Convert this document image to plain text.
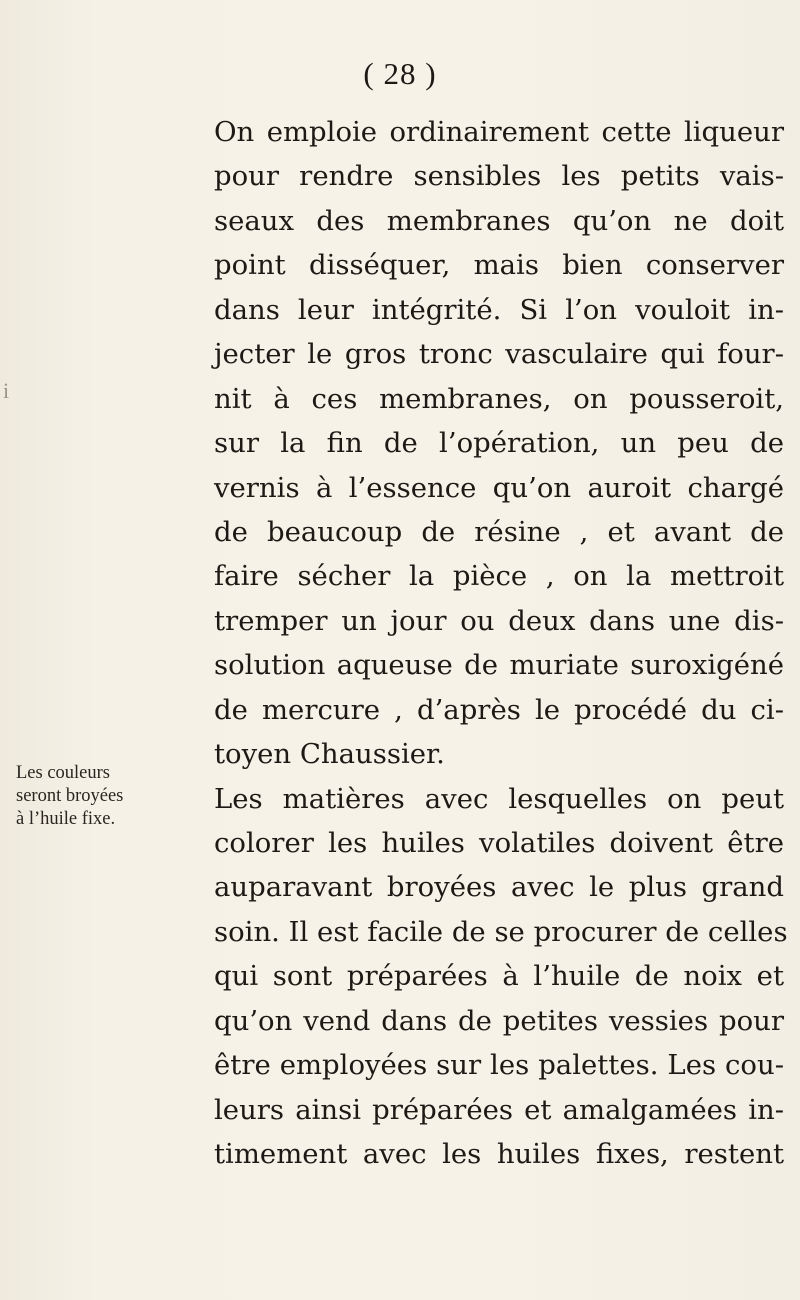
( 28 )
i
On emploie ordinairement cette liqueur
pour rendre sensibles les petits vais-
seaux des membranes qu’on ne doit
point disséquer, mais bien conserver
dans leur intégrité. Si l’on vouloit in-
jecter le gros tronc vasculaire qui four-
nit à ces membranes, on pousseroit,
sur la fin de l’opération, un peu de
vernis à l’essence qu’on auroit chargé
de beaucoup de résine , et avant de
faire sécher la pièce , on la mettroit
tremper un jour ou deux dans une dis-
solution aqueuse de muriate suroxigéné
de mercure , d’après le procédé du ci-
toyen Chaussier.
Les matières avec lesquelles on peut
colorer les huiles volatiles doivent être
auparavant broyées avec le plus grand
soin. Il est facile de se procurer de celles
qui sont préparées à l’huile de noix et
qu’on vend dans de petites vessies pour
être employées sur les palettes. Les cou-
leurs ainsi préparées et amalgamées in-
timement avec les huiles fixes, restent
Les couleurs
seront broyées
à l’huile fixe.
